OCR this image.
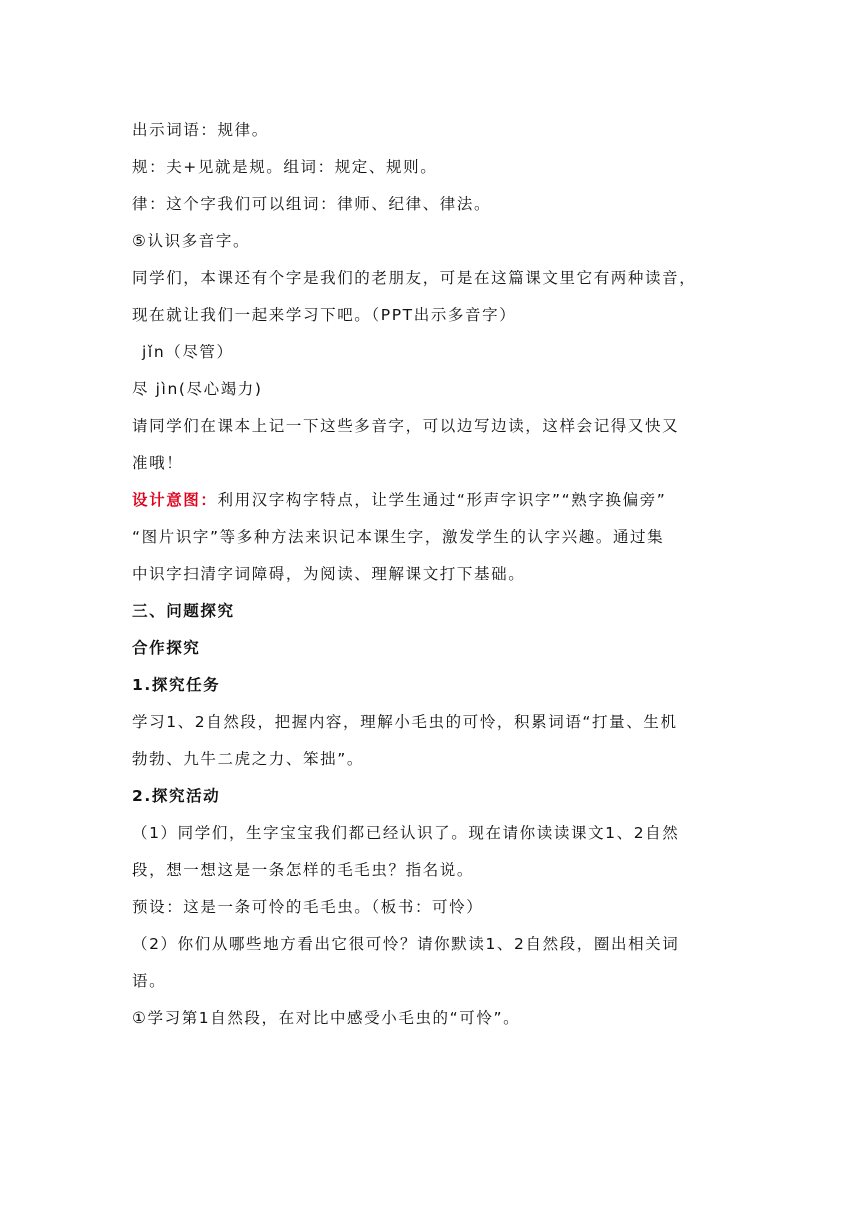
出示词语：规律。
规：夫+见就是规。组词：规定、规则。
律：这个字我们可以组词：律师、纪律、律法。
⑤认识多音字。
同学们，本课还有个字是我们的老朋友，可是在这篇课文里它有两种读音，
现在就让我们一起来学习下吧。（PPT出示多音字）
jǐn（尽管）
尽 jìn(尽心竭力)
请同学们在课本上记一下这些多音字，可以边写边读，这样会记得又快又
准哦！
设计意图：利用汉字构字特点，让学生通过“形声字识字”“熟字换偏旁”
“图片识字”等多种方法来识记本课生字，激发学生的认字兴趣。通过集
中识字扫清字词障碍，为阅读、理解课文打下基础。
三、问题探究
合作探究
1.探究任务
学习1、2自然段，把握内容，理解小毛虫的可怜，积累词语“打量、生机
勃勃、九牛二虎之力、笨拙”。
2.探究活动
（1）同学们，生字宝宝我们都已经认识了。现在请你读读课文1、2自然
段，想一想这是一条怎样的毛毛虫？指名说。
预设：这是一条可怜的毛毛虫。（板书：可怜）
（2）你们从哪些地方看出它很可怜？请你默读1、2自然段，圈出相关词
语。
①学习第1自然段，在对比中感受小毛虫的“可怜”。
